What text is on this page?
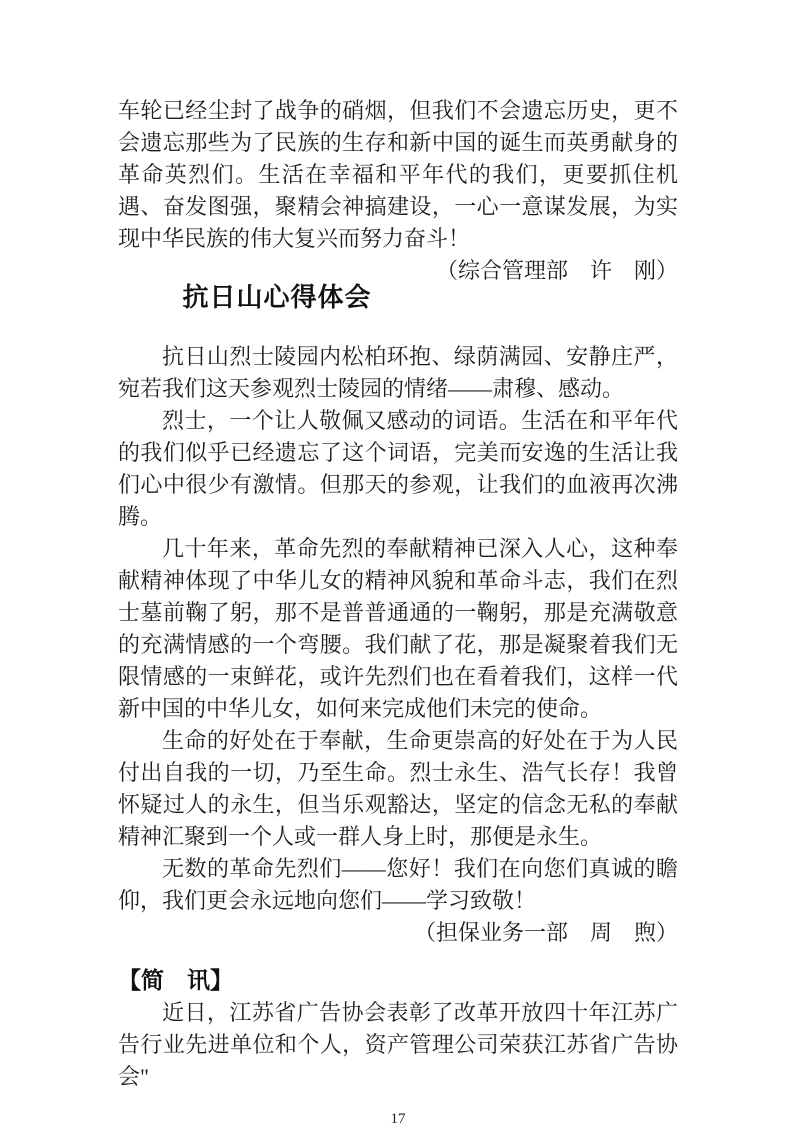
车轮已经尘封了战争的硝烟，但我们不会遗忘历史，更不会遗忘那些为了民族的生存和新中国的诞生而英勇献身的革命英烈们。生活在幸福和平年代的我们，更要抓住机遇、奋发图强，聚精会神搞建设，一心一意谋发展，为实现中华民族的伟大复兴而努力奋斗！
（综合管理部　许　刚）

抗日山心得体会

抗日山烈士陵园内松柏环抱、绿荫满园、安静庄严，宛若我们这天参观烈士陵园的情绪——肃穆、感动。

烈士，一个让人敬佩又感动的词语。生活在和平年代的我们似乎已经遗忘了这个词语，完美而安逸的生活让我们心中很少有激情。但那天的参观，让我们的血液再次沸腾。

几十年来，革命先烈的奉献精神已深入人心，这种奉献精神体现了中华儿女的精神风貌和革命斗志，我们在烈士墓前鞠了躬，那不是普普通通的一鞠躬，那是充满敬意的充满情感的一个弯腰。我们献了花，那是凝聚着我们无限情感的一束鲜花，或许先烈们也在看着我们，这样一代新中国的中华儿女，如何来完成他们未完的使命。

生命的好处在于奉献，生命更崇高的好处在于为人民付出自我的一切，乃至生命。烈士永生、浩气长存！我曾怀疑过人的永生，但当乐观豁达，坚定的信念无私的奉献精神汇聚到一个人或一群人身上时，那便是永生。

无数的革命先烈们——您好！我们在向您们真诚的瞻仰，我们更会永远地向您们——学习致敬！

（担保业务一部　周　煦）
【简　讯】

近日，江苏省广告协会表彰了改革开放四十年江苏广告行业先进单位和个人，资产管理公司荣获江苏省广告协会"

17
